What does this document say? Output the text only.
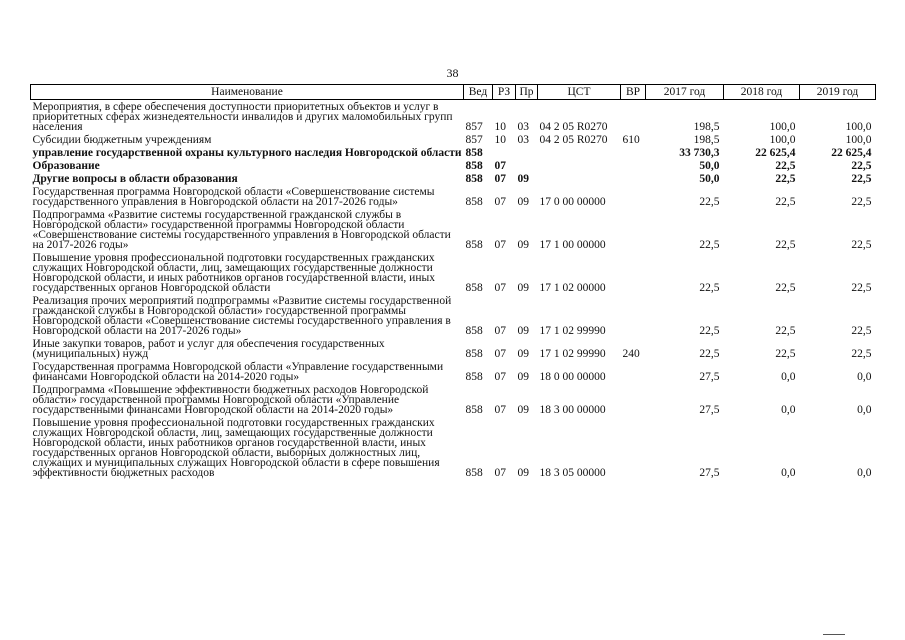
38
Наименование	Вед	РЗ	Пр	ЦСТ	ВР	2017 год	2018 год	2019 год
Мероприятия, в сфере обеспечения доступности приоритетных объектов и услуг в приоритетных сферах жизнедеятельности инвалидов и других маломобильных групп населения	857	10	03	04 2 05 R0270		198,5	100,0	100,0
Субсидии бюджетным учреждениям	857	10	03	04 2 05 R0270	610	198,5	100,0	100,0
управление государственной охраны культурного наследия Новгородской области	858					33 730,3	22 625,4	22 625,4
Образование	858	07				50,0	22,5	22,5
Другие вопросы в области образования	858	07	09			50,0	22,5	22,5
Государственная программа Новгородской области «Совершенствование системы государственного управления в Новгородской области на 2017-2026 годы»	858	07	09	17 0 00 00000		22,5	22,5	22,5
Подпрограмма «Развитие системы государственной гражданской службы в Новгородской области» государственной программы Новгородской области «Совершенствование системы государственного управления в Новгородской области на 2017-2026 годы»	858	07	09	17 1 00 00000		22,5	22,5	22,5
Повышение уровня профессиональной подготовки государственных гражданских служащих Новгородской области, лиц, замещающих государственные должности Новгородской области, и иных работников органов государственной власти, иных государственных органов Новгородской области	858	07	09	17 1 02 00000		22,5	22,5	22,5
Реализация прочих мероприятий подпрограммы «Развитие системы государственной гражданской службы в Новгородской области» государственной программы Новгородской области «Совершенствование системы государственного управления в Новгородской области на 2017-2026 годы»	858	07	09	17 1 02 99990		22,5	22,5	22,5
Иные закупки товаров, работ и услуг для обеспечения государственных (муниципальных) нужд	858	07	09	17 1 02 99990	240	22,5	22,5	22,5
Государственная программа Новгородской области «Управление государственными финансами Новгородской области на 2014-2020 годы»	858	07	09	18 0 00 00000		27,5	0,0	0,0
Подпрограмма «Повышение эффективности бюджетных расходов Новгородской области» государственной программы Новгородской области «Управление государственными финансами Новгородской области на 2014-2020 годы»	858	07	09	18 3 00 00000		27,5	0,0	0,0
Повышение уровня профессиональной подготовки государственных гражданских служащих Новгородской области, лиц, замещающих государственные должности Новгородской области, иных работников органов государственной власти, иных государственных органов Новгородской области, выборных должностных лиц, служащих и муниципальных служащих Новгородской области в сфере повышения эффективности бюджетных расходов	858	07	09	18 3 05 00000		27,5	0,0	0,0
